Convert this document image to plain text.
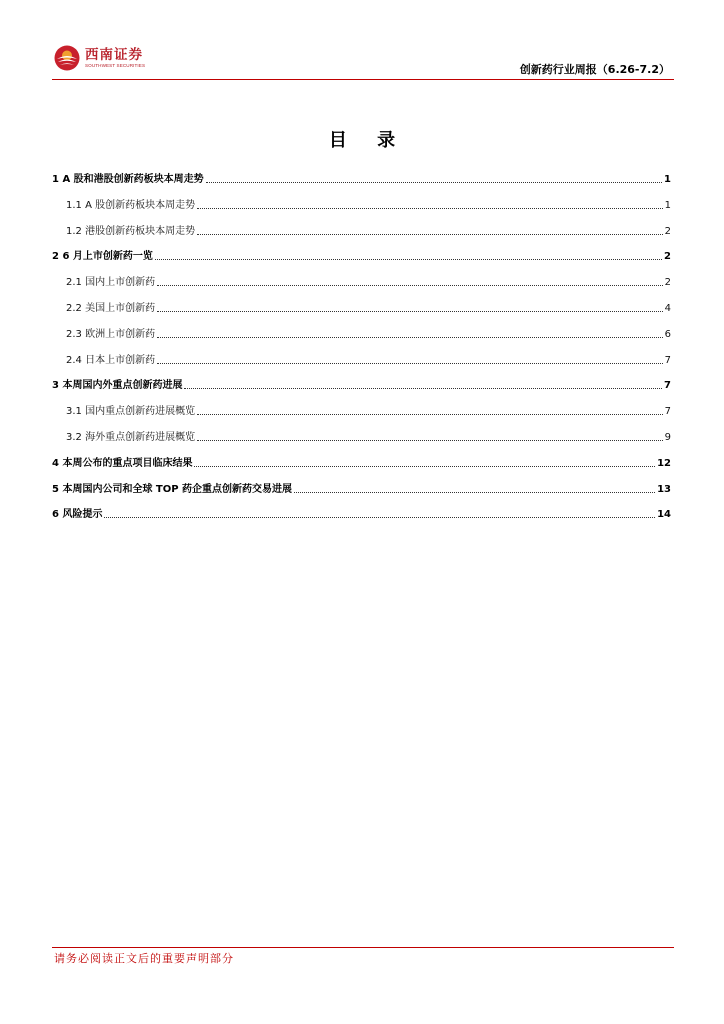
西南证券
SOUTHWEST SECURITIES	创新药行业周报（6.26-7.2）
目 录
1 A 股和港股创新药板块本周走势	1
1.1 A 股创新药板块本周走势	1
1.2 港股创新药板块本周走势	2
2 6 月上市创新药一览	2
2.1 国内上市创新药	2
2.2 美国上市创新药	4
2.3 欧洲上市创新药	6
2.4 日本上市创新药	7
3 本周国内外重点创新药进展	7
3.1 国内重点创新药进展概览	7
3.2 海外重点创新药进展概览	9
4 本周公布的重点项目临床结果	12
5 本周国内公司和全球 TOP 药企重点创新药交易进展	13
6 风险提示	14
请务必阅读正文后的重要声明部分
